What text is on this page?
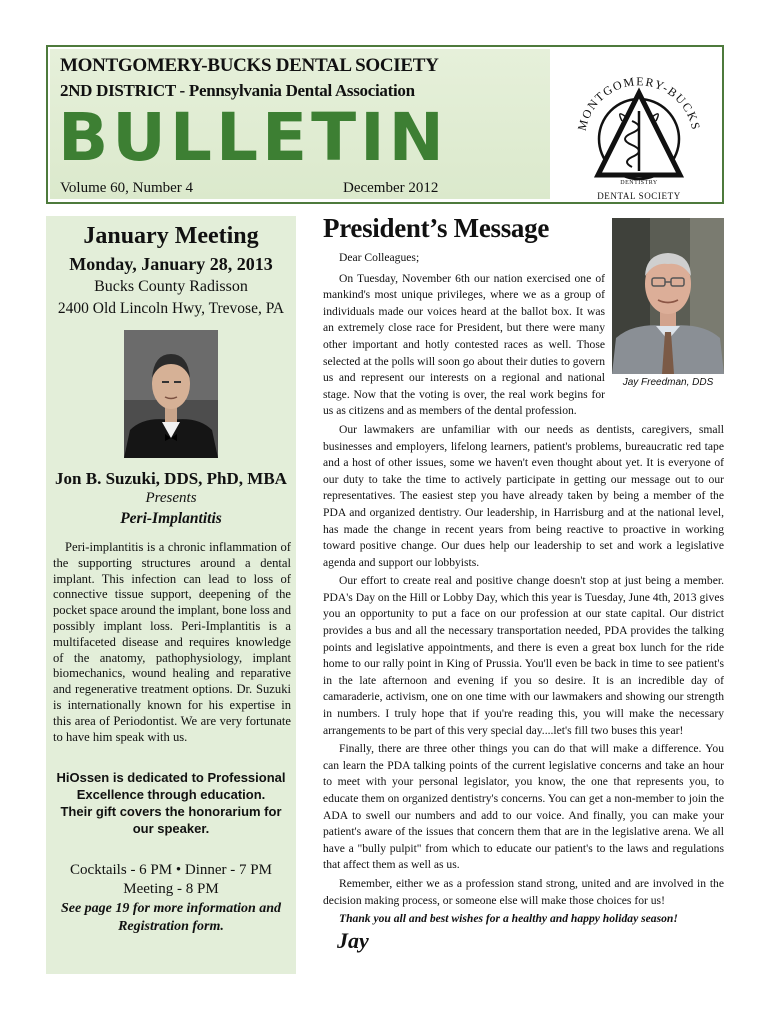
MONTGOMERY-BUCKS DENTAL SOCIETY
2ND DISTRICT - Pennsylvania Dental Association
BULLETIN
Volume 60, Number 4	December 2012
MONTGOMERY-BUCKS
DENTISTRY
DENTAL SOCIETY
January Meeting
Monday, January 28, 2013
Bucks County Radisson
2400 Old Lincoln Hwy, Trevose, PA
Jon B. Suzuki, DDS, PhD, MBA
Presents
Peri-Implantitis

Peri-implantitis is a chronic inflammation of the supporting structures around a dental implant. This infection can lead to loss of connective tissue support, deepening of the pocket space around the implant, bone loss and possibly implant loss. Peri-Implantitis is a multifaceted disease and requires knowledge of the anatomy, pathophysiology, implant biomechanics, wound healing and reparative and regenerative treatment options. Dr. Suzuki is internationally known for his expertise in this area of Periodontist. We are very fortunate to have him speak with us.

HiOssen is dedicated to Professional Excellence through education.
Their gift covers the honorarium for our speaker.
Cocktails - 6 PM • Dinner - 7 PM
Meeting - 8 PM
See page 19 for more information and Registration form.
President’s Message
Jay Freedman, DDS

Dear Colleagues;

On Tuesday, November 6th our nation exercised one of mankind's most unique privileges, where we as a group of individuals made our voices heard at the ballot box. It was an extremely close race for President, but there were many other important and hotly contested races as well. Those selected at the polls will soon go about their duties to govern us and represent our interests on a regional and national stage. Now that the voting is over, the real work begins for us as citizens and as members of the dental profession.

Our lawmakers are unfamiliar with our needs as dentists, caregivers, small businesses and employers, lifelong learners, patient's problems, bureaucratic red tape and a host of other issues, some we haven't even thought about yet. It is everyone of our duty to take the time to actively participate in getting our message out to our representatives. The easiest step you have already taken by being a member of the PDA and organized dentistry. Our leadership, in Harrisburg and at the national level, has made the change in recent years from being reactive to proactive in working toward positive change. Our dues help our leadership to set and work a legislative agenda and support our lobbyists.

Our effort to create real and positive change doesn't stop at just being a member. PDA's Day on the Hill or Lobby Day, which this year is Tuesday, June 4th, 2013 gives you an opportunity to put a face on our profession at our state capital. Our district provides a bus and all the necessary transportation needed, PDA provides the talking points and legislative appointments, and there is even a great box lunch for the ride home to our rally point in King of Prussia. You'll even be back in time to see patient's in the late afternoon and evening if you so desire. It is an incredible day of camaraderie, activism, one on one time with our lawmakers and showing our strength in numbers. I truly hope that if you're reading this, you will make the necessary arrangements to be part of this very special day....let's fill two buses this year!

Finally, there are three other things you can do that will make a difference. You can learn the PDA talking points of the current legislative concerns and take an hour to meet with your personal legislator, you know, the one that represents you, to educate them on organized dentistry's concerns. You can get a non-member to join the ADA to swell our numbers and add to our voice. And finally, you can make your patient's aware of the issues that concern them that are in the legislative arena. We all have a "bully pulpit" from which to educate our patient's to the laws and regulations that affect them as well as us.

Remember, either we as a profession stand strong, united and are involved in the decision making process, or someone else will make those choices for us!

Thank you all and best wishes for a healthy and happy holiday season!

Jay
